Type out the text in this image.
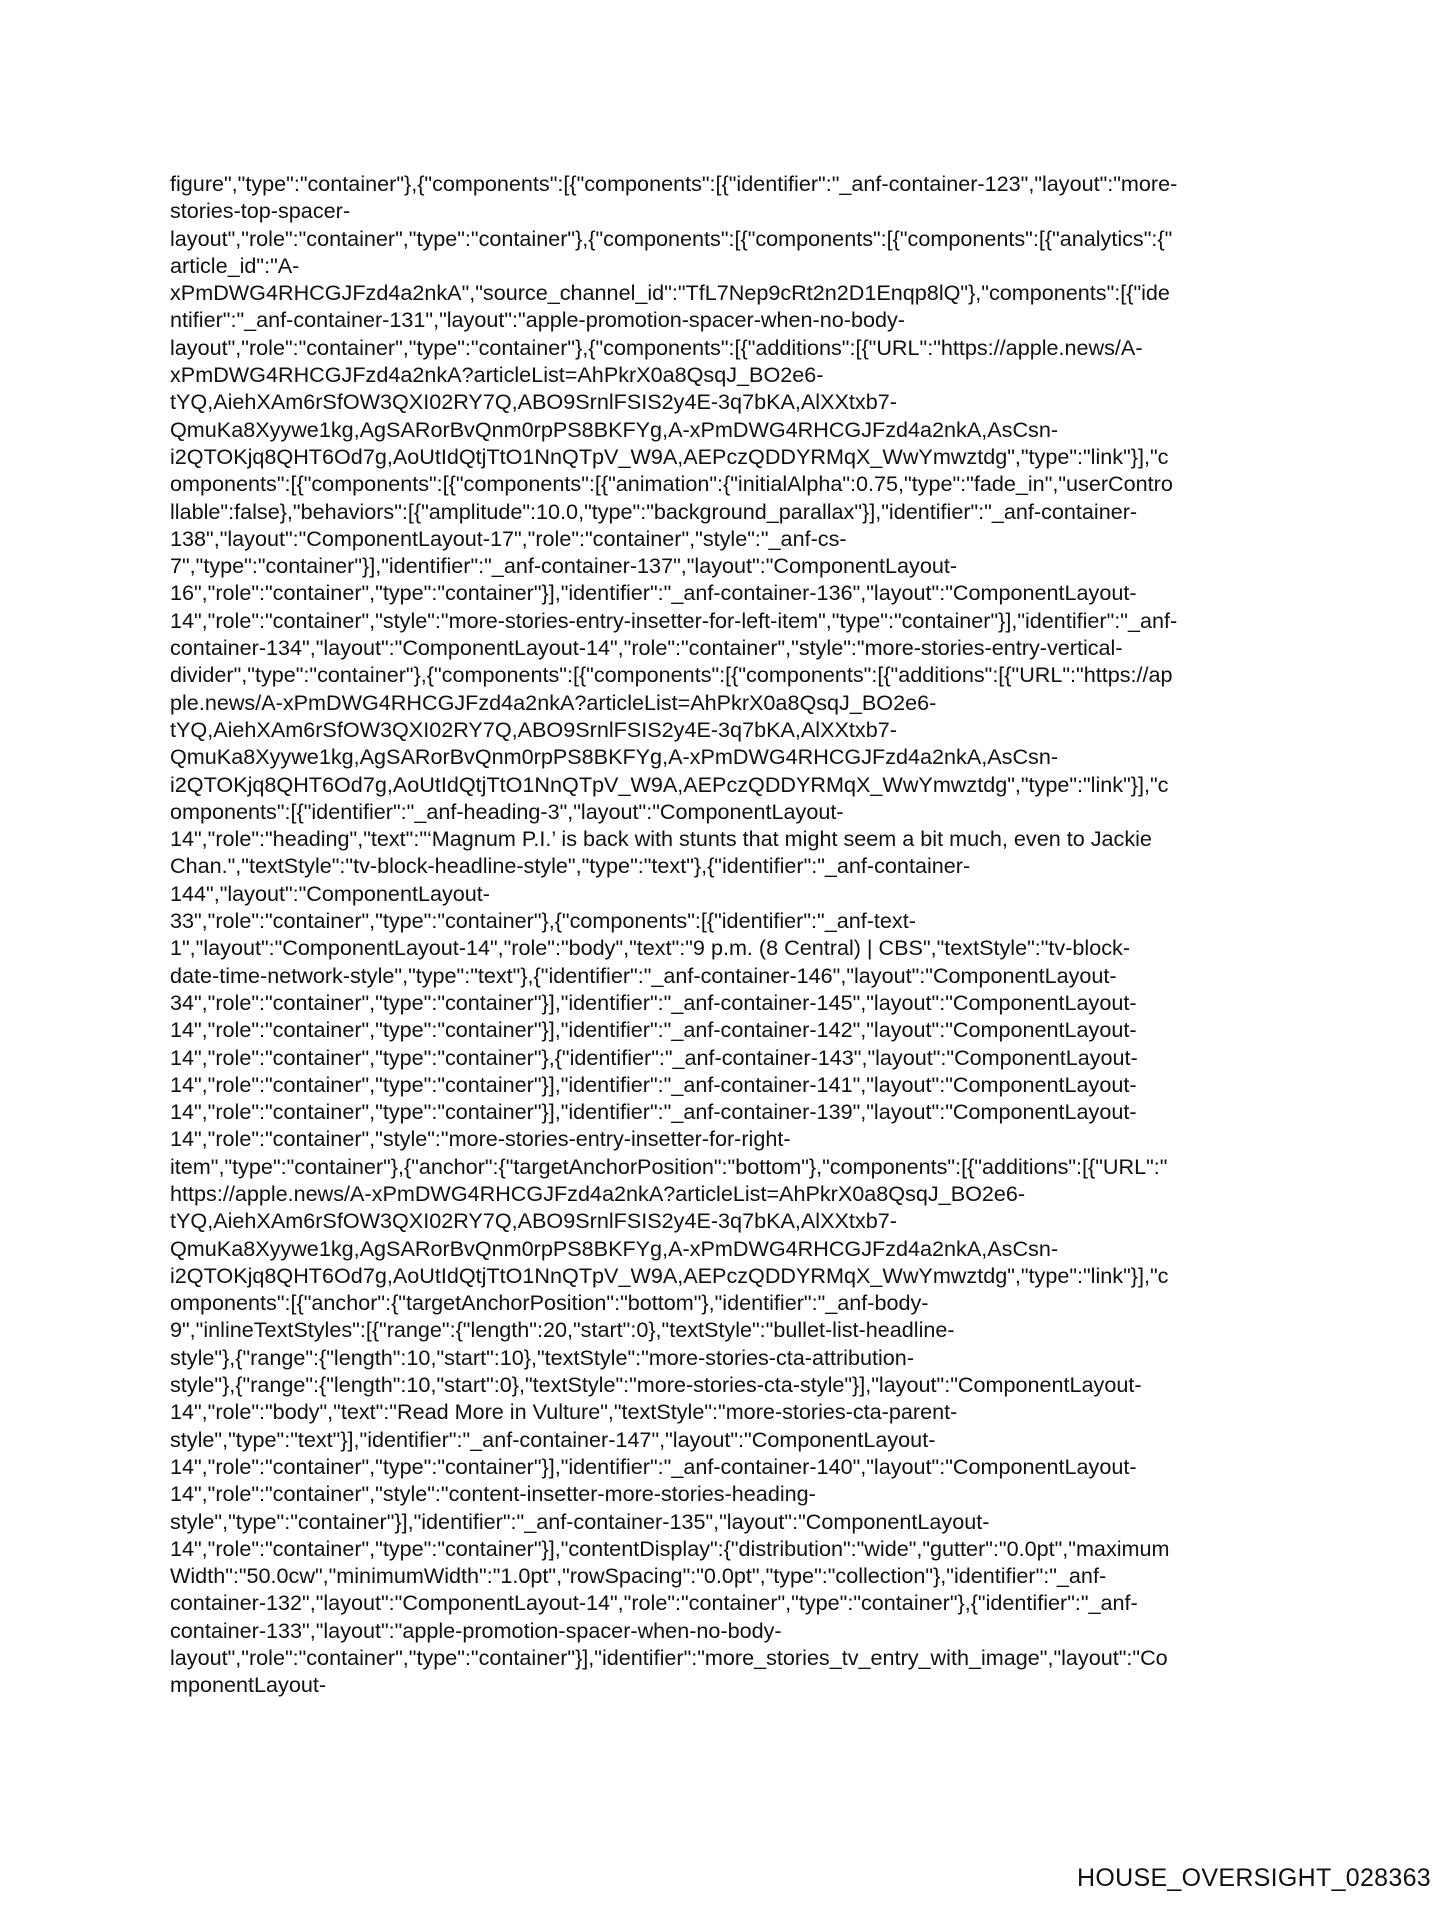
figure","type":"container"},{"components":[{"components":[{"identifier":"_anf-container-123","layout":"more-
stories-top-spacer-
layout","role":"container","type":"container"},{"components":[{"components":[{"components":[{"analytics":{"
article_id":"A-
xPmDWG4RHCGJFzd4a2nkA","source_channel_id":"TfL7Nep9cRt2n2D1Enqp8lQ"},"components":[{"ide
ntifier":"_anf-container-131","layout":"apple-promotion-spacer-when-no-body-
layout","role":"container","type":"container"},{"components":[{"additions":[{"URL":"https://apple.news/A-
xPmDWG4RHCGJFzd4a2nkA?articleList=AhPkrX0a8QsqJ_BO2e6-
tYQ,AiehXAm6rSfOW3QXI02RY7Q,ABO9SrnlFSIS2y4E-3q7bKA,AlXXtxb7-
QmuKa8Xyywe1kg,AgSARorBvQnm0rpPS8BKFYg,A-xPmDWG4RHCGJFzd4a2nkA,AsCsn-
i2QTOKjq8QHT6Od7g,AoUtIdQtjTtO1NnQTpV_W9A,AEPczQDDYRMqX_WwYmwztdg","type":"link"}],"c
omponents":[{"components":[{"components":[{"animation":{"initialAlpha":0.75,"type":"fade_in","userContro
llable":false},"behaviors":[{"amplitude":10.0,"type":"background_parallax"}],"identifier":"_anf-container-
138","layout":"ComponentLayout-17","role":"container","style":"_anf-cs-
7","type":"container"}],"identifier":"_anf-container-137","layout":"ComponentLayout-
16","role":"container","type":"container"}],"identifier":"_anf-container-136","layout":"ComponentLayout-
14","role":"container","style":"more-stories-entry-insetter-for-left-item","type":"container"}],"identifier":"_anf-
container-134","layout":"ComponentLayout-14","role":"container","style":"more-stories-entry-vertical-
divider","type":"container"},{"components":[{"components":[{"components":[{"additions":[{"URL":"https://ap
ple.news/A-xPmDWG4RHCGJFzd4a2nkA?articleList=AhPkrX0a8QsqJ_BO2e6-
tYQ,AiehXAm6rSfOW3QXI02RY7Q,ABO9SrnlFSIS2y4E-3q7bKA,AlXXtxb7-
QmuKa8Xyywe1kg,AgSARorBvQnm0rpPS8BKFYg,A-xPmDWG4RHCGJFzd4a2nkA,AsCsn-
i2QTOKjq8QHT6Od7g,AoUtIdQtjTtO1NnQTpV_W9A,AEPczQDDYRMqX_WwYmwztdg","type":"link"}],"c
omponents":[{"identifier":"_anf-heading-3","layout":"ComponentLayout-
14","role":"heading","text":"‘Magnum P.I.’ is back with stunts that might seem a bit much, even to Jackie
Chan.","textStyle":"tv-block-headline-style","type":"text"},{"identifier":"_anf-container-
144","layout":"ComponentLayout-
33","role":"container","type":"container"},{"components":[{"identifier":"_anf-text-
1","layout":"ComponentLayout-14","role":"body","text":"9 p.m. (8 Central) | CBS","textStyle":"tv-block-
date-time-network-style","type":"text"},{"identifier":"_anf-container-146","layout":"ComponentLayout-
34","role":"container","type":"container"}],"identifier":"_anf-container-145","layout":"ComponentLayout-
14","role":"container","type":"container"}],"identifier":"_anf-container-142","layout":"ComponentLayout-
14","role":"container","type":"container"},{"identifier":"_anf-container-143","layout":"ComponentLayout-
14","role":"container","type":"container"}],"identifier":"_anf-container-141","layout":"ComponentLayout-
14","role":"container","type":"container"}],"identifier":"_anf-container-139","layout":"ComponentLayout-
14","role":"container","style":"more-stories-entry-insetter-for-right-
item","type":"container"},{"anchor":{"targetAnchorPosition":"bottom"},"components":[{"additions":[{"URL":"
https://apple.news/A-xPmDWG4RHCGJFzd4a2nkA?articleList=AhPkrX0a8QsqJ_BO2e6-
tYQ,AiehXAm6rSfOW3QXI02RY7Q,ABO9SrnlFSIS2y4E-3q7bKA,AlXXtxb7-
QmuKa8Xyywe1kg,AgSARorBvQnm0rpPS8BKFYg,A-xPmDWG4RHCGJFzd4a2nkA,AsCsn-
i2QTOKjq8QHT6Od7g,AoUtIdQtjTtO1NnQTpV_W9A,AEPczQDDYRMqX_WwYmwztdg","type":"link"}],"c
omponents":[{"anchor":{"targetAnchorPosition":"bottom"},"identifier":"_anf-body-
9","inlineTextStyles":[{"range":{"length":20,"start":0},"textStyle":"bullet-list-headline-
style"},{"range":{"length":10,"start":10},"textStyle":"more-stories-cta-attribution-
style"},{"range":{"length":10,"start":0},"textStyle":"more-stories-cta-style"}],"layout":"ComponentLayout-
14","role":"body","text":"Read More in Vulture","textStyle":"more-stories-cta-parent-
style","type":"text"}],"identifier":"_anf-container-147","layout":"ComponentLayout-
14","role":"container","type":"container"}],"identifier":"_anf-container-140","layout":"ComponentLayout-
14","role":"container","style":"content-insetter-more-stories-heading-
style","type":"container"}],"identifier":"_anf-container-135","layout":"ComponentLayout-
14","role":"container","type":"container"}],"contentDisplay":{"distribution":"wide","gutter":"0.0pt","maximum
Width":"50.0cw","minimumWidth":"1.0pt","rowSpacing":"0.0pt","type":"collection"},"identifier":"_anf-
container-132","layout":"ComponentLayout-14","role":"container","type":"container"},{"identifier":"_anf-
container-133","layout":"apple-promotion-spacer-when-no-body-
layout","role":"container","type":"container"}],"identifier":"more_stories_tv_entry_with_image","layout":"Co
mponentLayout-
HOUSE_OVERSIGHT_028363
